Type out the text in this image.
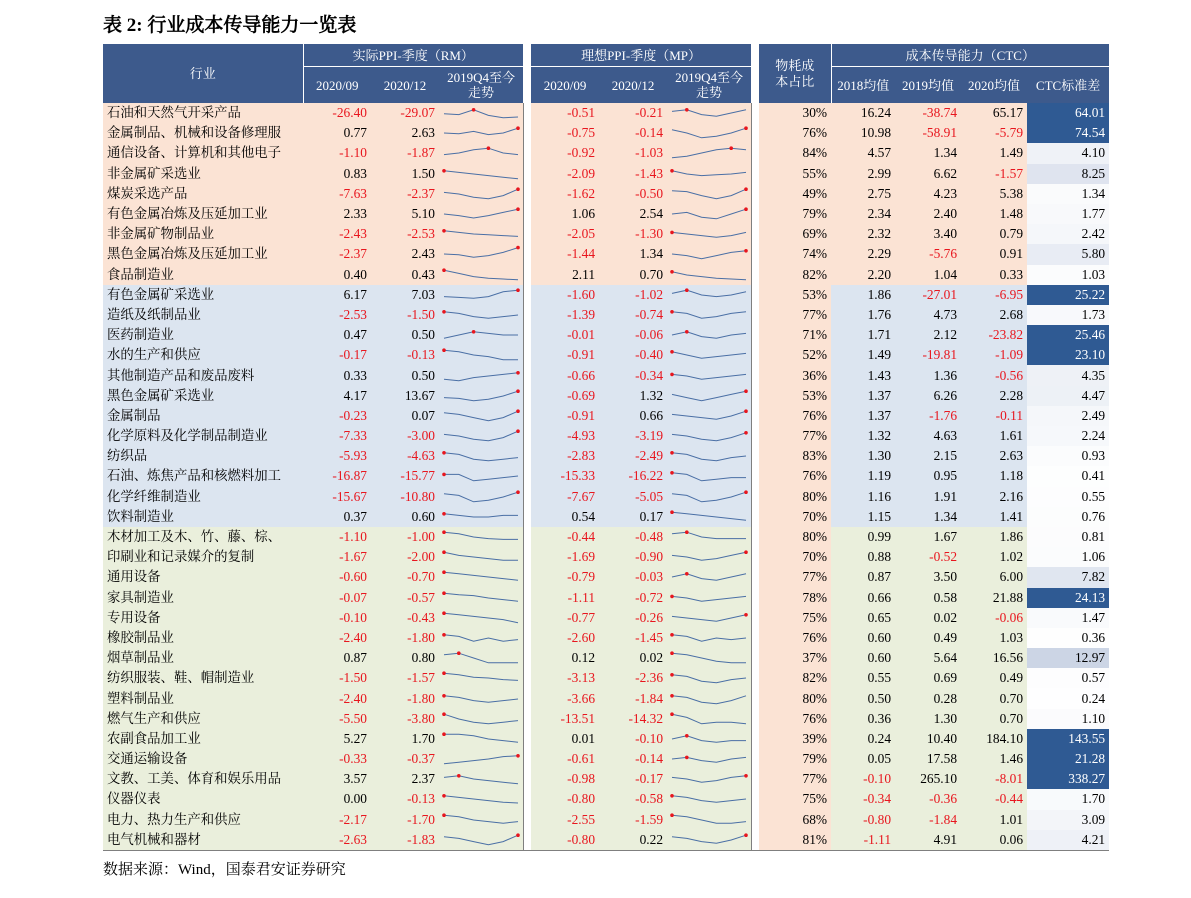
表 2: 行业成本传导能力一览表
行业	实际PPI-季度（RM）				理想PPI-季度（MP）				物耗成本占比	成本传导能力（CTC）			
	2020/09	2020/12	2019Q4至今走势		2020/09	2020/12	2019Q4至今走势			2018均值	2019均值	2020均值	CTC标准差
石油和天然气开采产品	-26.40	-29.07			-0.51	-0.21			30%	16.24	-38.74	65.17	64.01
金属制品、机械和设备修理服	0.77	2.63			-0.75	-0.14			76%	10.98	-58.91	-5.79	74.54
通信设备、计算机和其他电子	-1.10	-1.87			-0.92	-1.03			84%	4.57	1.34	1.49	4.10
非金属矿采选业	0.83	1.50			-2.09	-1.43			55%	2.99	6.62	-1.57	8.25
煤炭采选产品	-7.63	-2.37			-1.62	-0.50			49%	2.75	4.23	5.38	1.34
有色金属冶炼及压延加工业	2.33	5.10			1.06	2.54			79%	2.34	2.40	1.48	1.77
非金属矿物制品业	-2.43	-2.53			-2.05	-1.30			69%	2.32	3.40	0.79	2.42
黑色金属冶炼及压延加工业	-2.37	2.43			-1.44	1.34			74%	2.29	-5.76	0.91	5.80
食品制造业	0.40	0.43			2.11	0.70			82%	2.20	1.04	0.33	1.03
有色金属矿采选业	6.17	7.03			-1.60	-1.02			53%	1.86	-27.01	-6.95	25.22
造纸及纸制品业	-2.53	-1.50			-1.39	-0.74			77%	1.76	4.73	2.68	1.73
医药制造业	0.47	0.50			-0.01	-0.06			71%	1.71	2.12	-23.82	25.46
水的生产和供应	-0.17	-0.13			-0.91	-0.40			52%	1.49	-19.81	-1.09	23.10
其他制造产品和废品废料	0.33	0.50			-0.66	-0.34			36%	1.43	1.36	-0.56	4.35
黑色金属矿采选业	4.17	13.67			-0.69	1.32			53%	1.37	6.26	2.28	4.47
金属制品	-0.23	0.07			-0.91	0.66			76%	1.37	-1.76	-0.11	2.49
化学原料及化学制品制造业	-7.33	-3.00			-4.93	-3.19			77%	1.32	4.63	1.61	2.24
纺织品	-5.93	-4.63			-2.83	-2.49			83%	1.30	2.15	2.63	0.93
石油、炼焦产品和核燃料加工	-16.87	-15.77			-15.33	-16.22			76%	1.19	0.95	1.18	0.41
化学纤维制造业	-15.67	-10.80			-7.67	-5.05			80%	1.16	1.91	2.16	0.55
饮料制造业	0.37	0.60			0.54	0.17			70%	1.15	1.34	1.41	0.76
木材加工及木、竹、藤、棕、	-1.10	-1.00			-0.44	-0.48			80%	0.99	1.67	1.86	0.81
印刷业和记录媒介的复制	-1.67	-2.00			-1.69	-0.90			70%	0.88	-0.52	1.02	1.06
通用设备	-0.60	-0.70			-0.79	-0.03			77%	0.87	3.50	6.00	7.82
家具制造业	-0.07	-0.57			-1.11	-0.72			78%	0.66	0.58	21.88	24.13
专用设备	-0.10	-0.43			-0.77	-0.26			75%	0.65	0.02	-0.06	1.47
橡胶制品业	-2.40	-1.80			-2.60	-1.45			76%	0.60	0.49	1.03	0.36
烟草制品业	0.87	0.80			0.12	0.02			37%	0.60	5.64	16.56	12.97
纺织服装、鞋、帽制造业	-1.50	-1.57			-3.13	-2.36			82%	0.55	0.69	0.49	0.57
塑料制品业	-2.40	-1.80			-3.66	-1.84			80%	0.50	0.28	0.70	0.24
燃气生产和供应	-5.50	-3.80			-13.51	-14.32			76%	0.36	1.30	0.70	1.10
农副食品加工业	5.27	1.70			0.01	-0.10			39%	0.24	10.40	184.10	143.55
交通运输设备	-0.33	-0.37			-0.61	-0.14			79%	0.05	17.58	1.46	21.28
文教、工美、体育和娱乐用品	3.57	2.37			-0.98	-0.17			77%	-0.10	265.10	-8.01	338.27
仪器仪表	0.00	-0.13			-0.80	-0.58			75%	-0.34	-0.36	-0.44	1.70
电力、热力生产和供应	-2.17	-1.70			-2.55	-1.59			68%	-0.80	-1.84	1.01	3.09
电气机械和器材	-2.63	-1.83			-0.80	0.22			81%	-1.11	4.91	0.06	4.21
数据来源：Wind，国泰君安证券研究
